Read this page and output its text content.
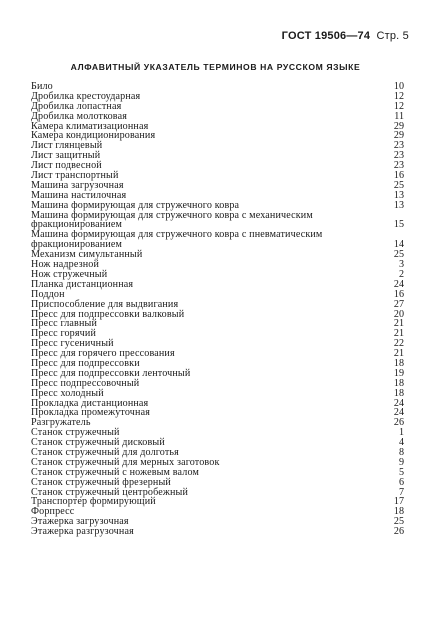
ГОСТ 19506—74 Стр. 5
АЛФАВИТНЫЙ УКАЗАТЕЛЬ ТЕРМИНОВ НА РУССКОМ ЯЗЫКЕ
Било	10
Дробилка крестоударная	12
Дробилка лопастная	12
Дробилка молотковая	11
Камера климатизационная	29
Камера кондиционирования	29
Лист глянцевый	23
Лист защитный	23
Лист подвесной	23
Лист транспортный	16
Машина загрузочная	25
Машина настилочная	13
Машина формирующая для стружечного ковра	13
Машина формирующая для стружечного ковра с механическим фракционированием	15
Машина формирующая для стружечного ковра с пневматическим фракционированием	14
Механизм симультанный	25
Нож надрезной	3
Нож стружечный	2
Планка дистанционная	24
Поддон	16
Приспособление для выдвигания	27
Пресс для подпрессовки валковый	20
Пресс главный	21
Пресс горячий	21
Пресс гусеничный	22
Пресс для горячего прессования	21
Пресс для подпрессовки	18
Пресс для подпрессовки ленточный	19
Пресс подпрессовочный	18
Пресс холодный	18
Прокладка дистанционная	24
Прокладка промежуточная	24
Разгружатель	26
Станок стружечный	1
Станок стружечный дисковый	4
Станок стружечный для долготья	8
Станок стружечный для мерных заготовок	9
Станок стружечный с ножевым валом	5
Станок стружечный фрезерный	6
Станок стружечный центробежный	7
Транспортер формирующий	17
Форпресс	18
Этажерка загрузочная	25
Этажерка разгрузочная	26
